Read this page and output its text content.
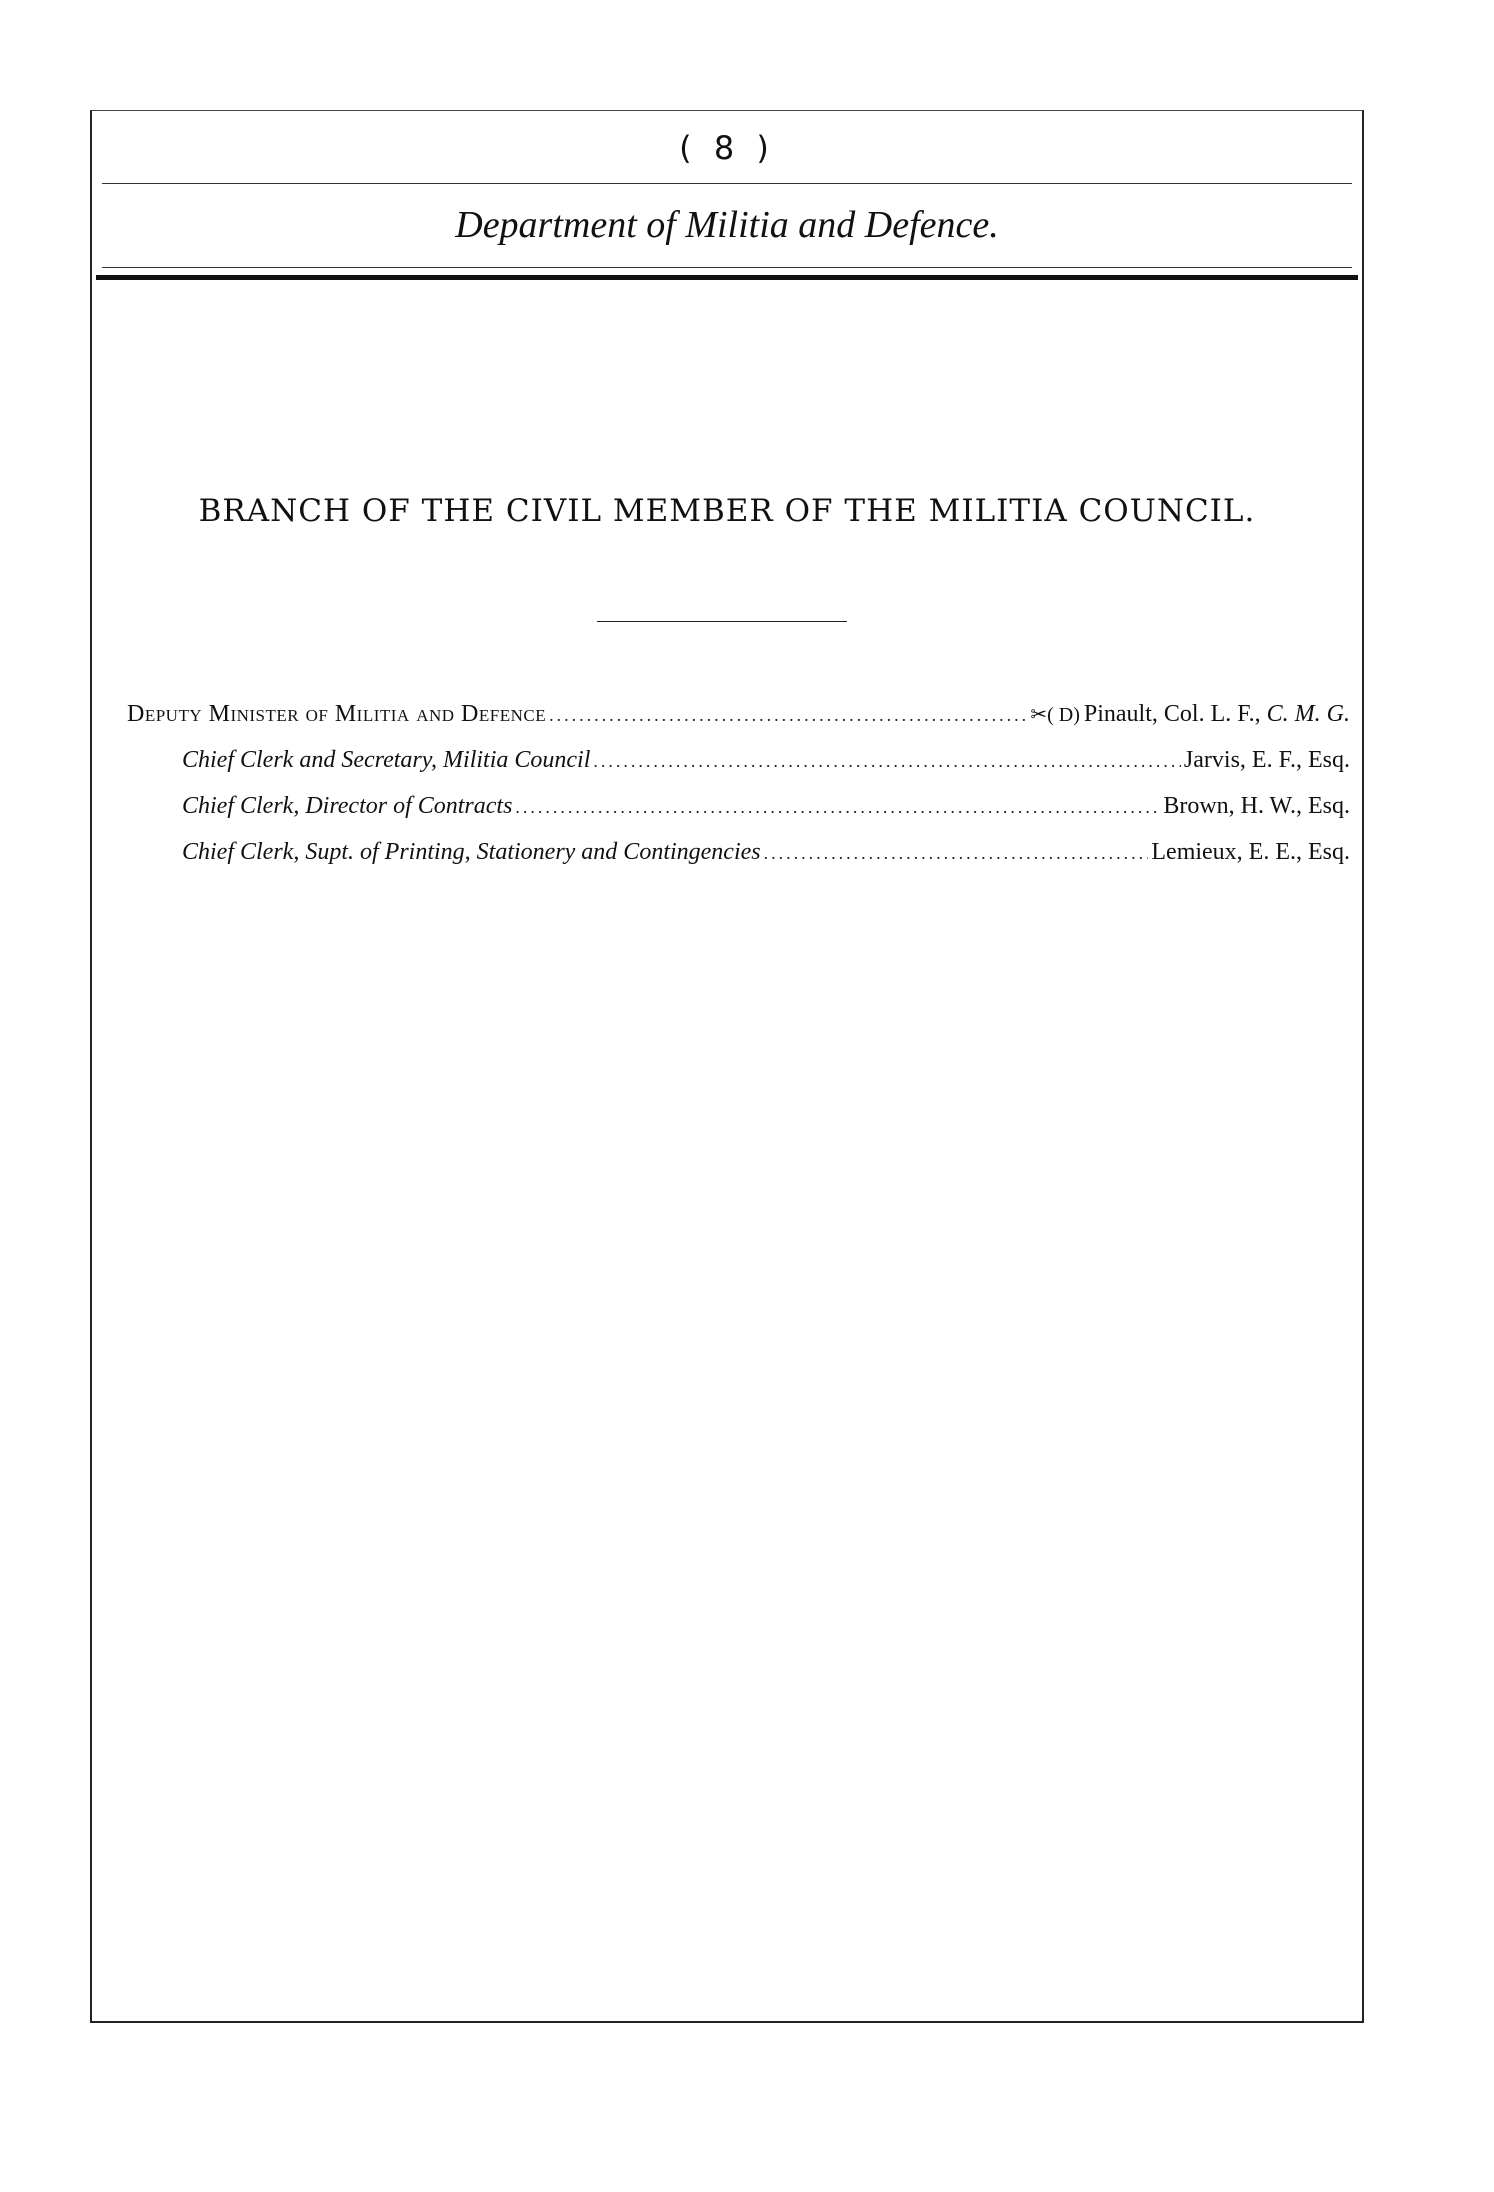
( 8 )
Department of Militia and Defence.
BRANCH OF THE CIVIL MEMBER OF THE MILITIA COUNCIL.
Deputy Minister of Militia and Defence .....	✂( D) Pinault, Col. L. F., C. M. G.
Chief Clerk and Secretary, Militia Council .....	Jarvis, E. F., Esq.
Chief Clerk, Director of Contracts .....	Brown, H. W., Esq.
Chief Clerk, Supt. of Printing, Stationery and Contingencies .....	Lemieux, E. E., Esq.
